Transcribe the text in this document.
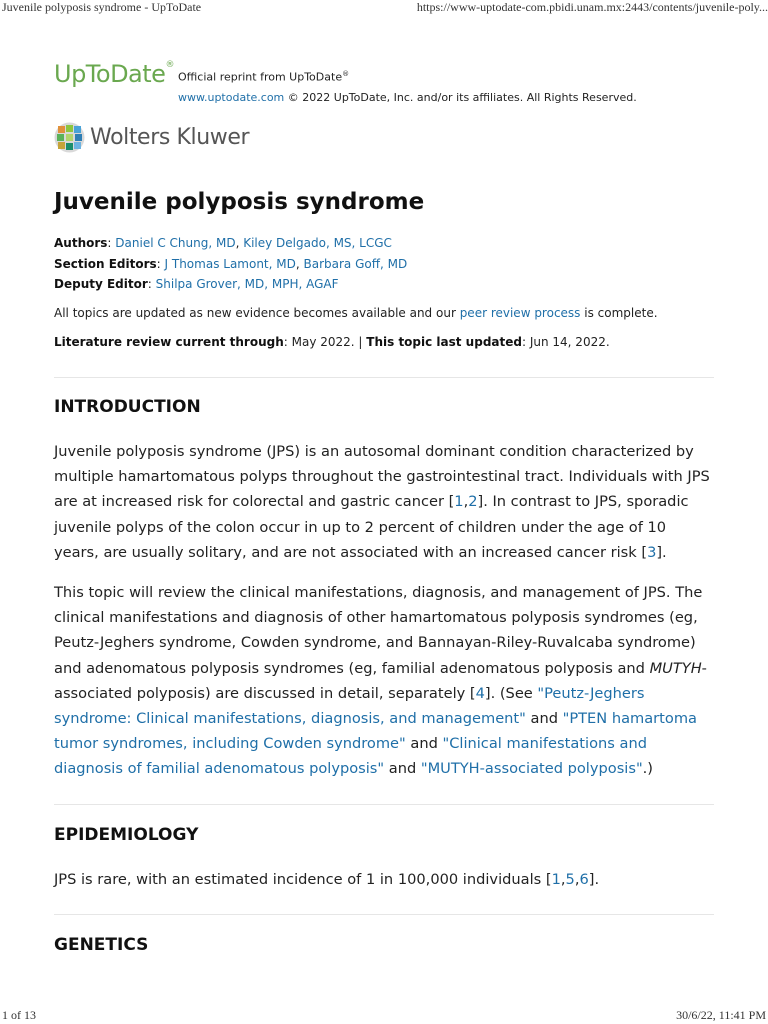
Juvenile polyposis syndrome - UpToDate	https://www-uptodate-com.pbidi.unam.mx:2443/contents/juvenile-poly...
UpToDate®
Official reprint from UpToDate®
www.uptodate.com © 2022 UpToDate, Inc. and/or its affiliates. All Rights Reserved.
Wolters Kluwer
Juvenile polyposis syndrome
Authors: Daniel C Chung, MD, Kiley Delgado, MS, LCGC
Section Editors: J Thomas Lamont, MD, Barbara Goff, MD
Deputy Editor: Shilpa Grover, MD, MPH, AGAF
All topics are updated as new evidence becomes available and our peer review process is complete.
Literature review current through: May 2022. | This topic last updated: Jun 14, 2022.
INTRODUCTION

Juvenile polyposis syndrome (JPS) is an autosomal dominant condition characterized by multiple hamartomatous polyps throughout the gastrointestinal tract. Individuals with JPS are at increased risk for colorectal and gastric cancer [1,2]. In contrast to JPS, sporadic juvenile polyps of the colon occur in up to 2 percent of children under the age of 10 years, are usually solitary, and are not associated with an increased cancer risk [3].

This topic will review the clinical manifestations, diagnosis, and management of JPS. The clinical manifestations and diagnosis of other hamartomatous polyposis syndromes (eg, Peutz-Jeghers syndrome, Cowden syndrome, and Bannayan-Riley-Ruvalcaba syndrome) and adenomatous polyposis syndromes (eg, familial adenomatous polyposis and MUTYH-associated polyposis) are discussed in detail, separately [4]. (See "Peutz-Jeghers syndrome: Clinical manifestations, diagnosis, and management" and "PTEN hamartoma tumor syndromes, including Cowden syndrome" and "Clinical manifestations and diagnosis of familial adenomatous polyposis" and "MUTYH-associated polyposis".)

EPIDEMIOLOGY

JPS is rare, with an estimated incidence of 1 in 100,000 individuals [1,5,6].

GENETICS
1 of 13	30/6/22, 11:41 PM
